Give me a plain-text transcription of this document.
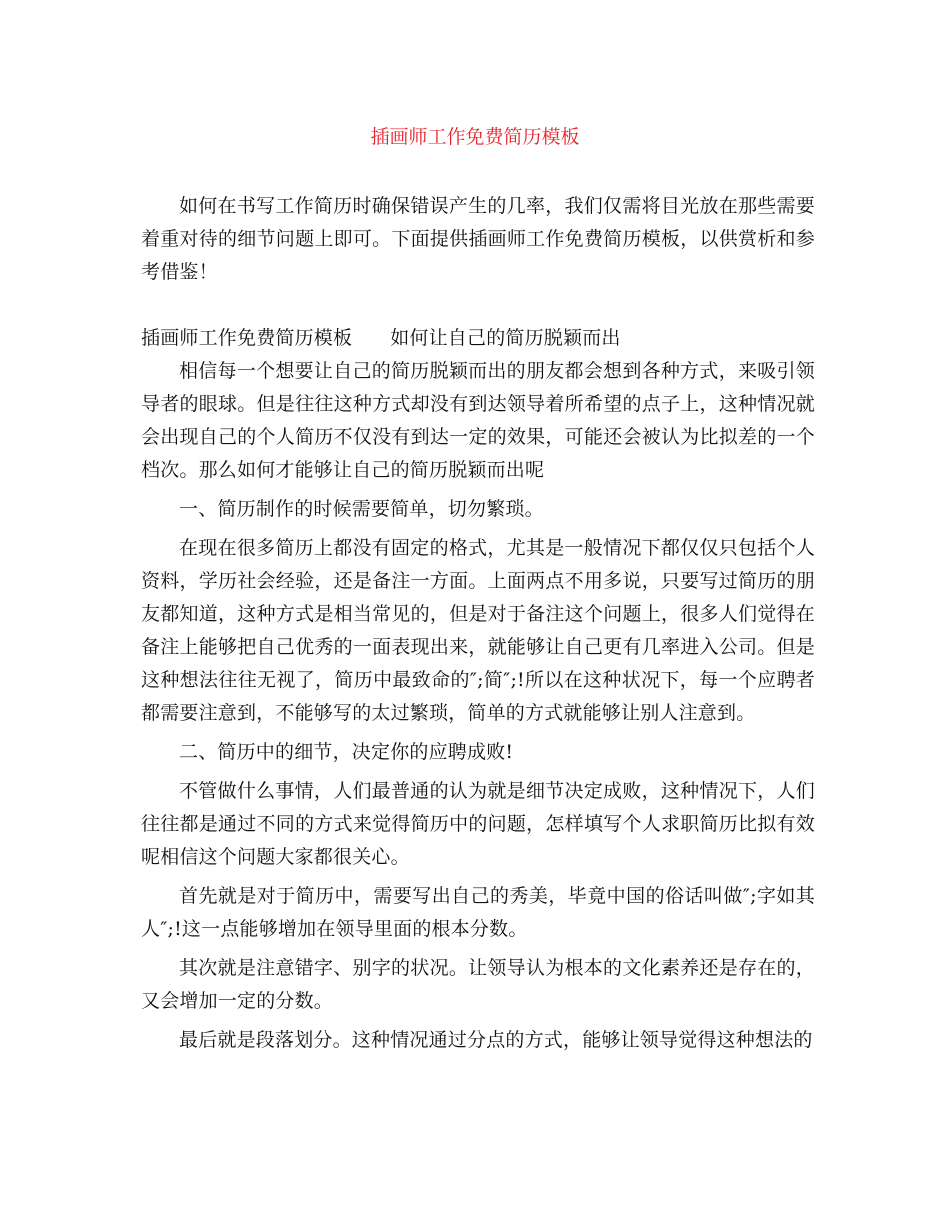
插画师工作免费简历模板

如何在书写工作简历时确保错误产生的几率，我们仅需将目光放在那些需要着重对待的细节问题上即可。下面提供插画师工作免费简历模板，以供赏析和参考借鉴！

插画师工作免费简历模板 如何让自己的简历脱颖而出

相信每一个想要让自己的简历脱颖而出的朋友都会想到各种方式，来吸引领导者的眼球。但是往往这种方式却没有到达领导着所希望的点子上，这种情况就会出现自己的个人简历不仅没有到达一定的效果，可能还会被认为比拟差的一个档次。那么如何才能够让自己的简历脱颖而出呢

一、简历制作的时候需要简单，切勿繁琐。

在现在很多简历上都没有固定的格式，尤其是一般情况下都仅仅只包括个人资料，学历社会经验，还是备注一方面。上面两点不用多说，只要写过简历的朋友都知道，这种方式是相当常见的，但是对于备注这个问题上，很多人们觉得在备注上能够把自己优秀的一面表现出来，就能够让自己更有几率进入公司。但是这种想法往往无视了，简历中最致命的″;简″;!所以在这种状况下，每一个应聘者都需要注意到，不能够写的太过繁琐，简单的方式就能够让别人注意到。

二、简历中的细节，决定你的应聘成败!

不管做什么事情，人们最普通的认为就是细节决定成败，这种情况下，人们往往都是通过不同的方式来觉得简历中的问题，怎样填写个人求职简历比拟有效呢相信这个问题大家都很关心。

首先就是对于简历中，需要写出自己的秀美，毕竟中国的俗话叫做″;字如其人″;!这一点能够增加在领导里面的根本分数。

其次就是注意错字、别字的状况。让领导认为根本的文化素养还是存在的，又会增加一定的分数。

最后就是段落划分。这种情况通过分点的方式，能够让领导觉得这种想法的
